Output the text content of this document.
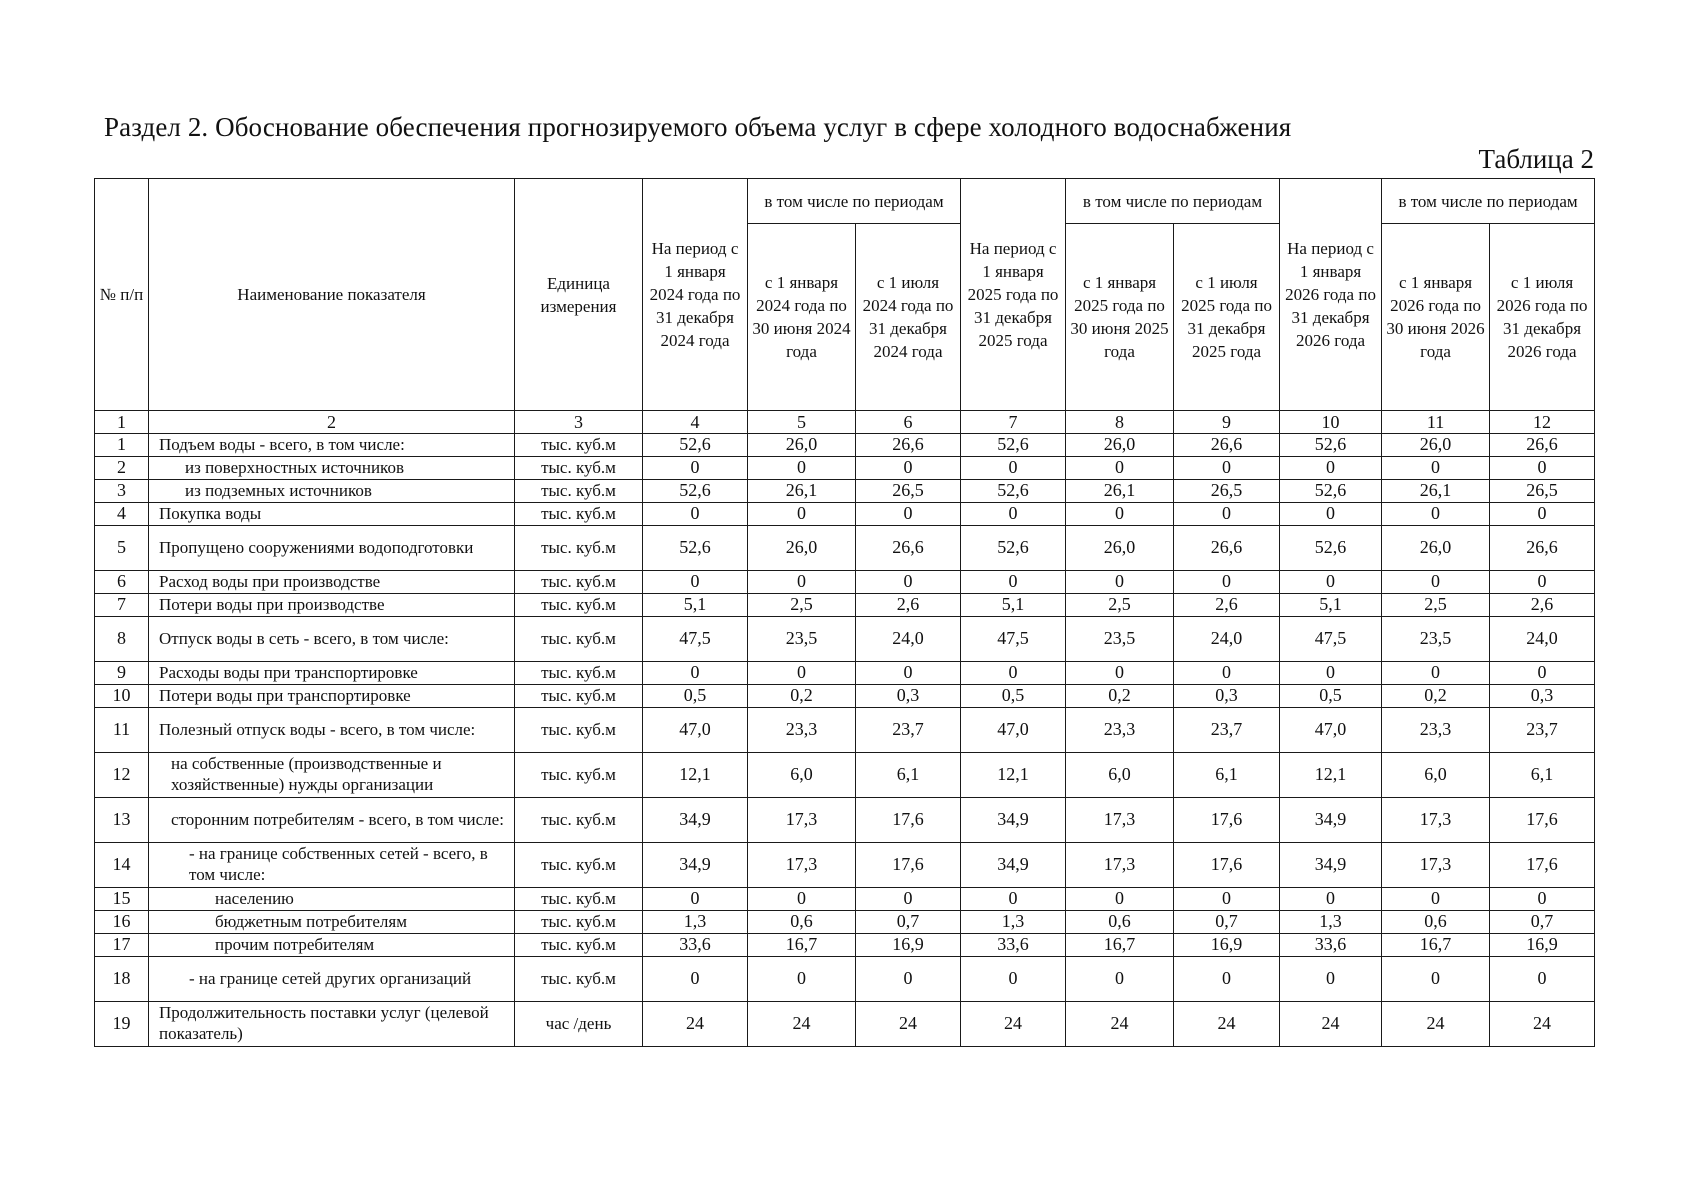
Раздел 2. Обоснование обеспечения прогнозируемого объема услуг в сфере холодного водоснабжения
Таблица 2
№ п/п	Наименование показателя	Единица измерения	На период с 1 января 2024 года по 31 декабря 2024 года	в том числе по периодам		На период с 1 января 2025 года по 31 декабря 2025 года	в том числе по периодам		На период с 1 января 2026 года по 31 декабря 2026 года	в том числе по периодам	
				с 1 января 2024 года по 30 июня 2024 года	с 1 июля 2024 года по 31 декабря 2024 года		с 1 января 2025 года по 30 июня 2025 года	с 1 июля 2025 года по 31 декабря 2025 года		с 1 января 2026 года по 30 июня 2026 года	с 1 июля 2026 года по 31 декабря 2026 года
1	2	3	4	5	6	7	8	9	10	11	12
1	Подъем воды - всего, в том числе:	тыс. куб.м	52,6	26,0	26,6	52,6	26,0	26,6	52,6	26,0	26,6
2	из поверхностных источников	тыс. куб.м	0	0	0	0	0	0	0	0	0
3	из подземных источников	тыс. куб.м	52,6	26,1	26,5	52,6	26,1	26,5	52,6	26,1	26,5
4	Покупка воды	тыс. куб.м	0	0	0	0	0	0	0	0	0
5	Пропущено сооружениями водоподготовки	тыс. куб.м	52,6	26,0	26,6	52,6	26,0	26,6	52,6	26,0	26,6
6	Расход воды при производстве	тыс. куб.м	0	0	0	0	0	0	0	0	0
7	Потери воды при производстве	тыс. куб.м	5,1	2,5	2,6	5,1	2,5	2,6	5,1	2,5	2,6
8	Отпуск воды в сеть - всего, в том числе:	тыс. куб.м	47,5	23,5	24,0	47,5	23,5	24,0	47,5	23,5	24,0
9	Расходы воды при транспортировке	тыс. куб.м	0	0	0	0	0	0	0	0	0
10	Потери воды при транспортировке	тыс. куб.м	0,5	0,2	0,3	0,5	0,2	0,3	0,5	0,2	0,3
11	Полезный отпуск воды - всего, в том числе:	тыс. куб.м	47,0	23,3	23,7	47,0	23,3	23,7	47,0	23,3	23,7
12	на собственные (производственные и хозяйственные) нужды организации	тыс. куб.м	12,1	6,0	6,1	12,1	6,0	6,1	12,1	6,0	6,1
13	сторонним потребителям - всего, в том числе:	тыс. куб.м	34,9	17,3	17,6	34,9	17,3	17,6	34,9	17,3	17,6
14	- на границе собственных сетей - всего, в том числе:	тыс. куб.м	34,9	17,3	17,6	34,9	17,3	17,6	34,9	17,3	17,6
15	населению	тыс. куб.м	0	0	0	0	0	0	0	0	0
16	бюджетным потребителям	тыс. куб.м	1,3	0,6	0,7	1,3	0,6	0,7	1,3	0,6	0,7
17	прочим потребителям	тыс. куб.м	33,6	16,7	16,9	33,6	16,7	16,9	33,6	16,7	16,9
18	- на границе сетей других организаций	тыс. куб.м	0	0	0	0	0	0	0	0	0
19	Продолжительность поставки услуг (целевой показатель)	час /день	24	24	24	24	24	24	24	24	24
